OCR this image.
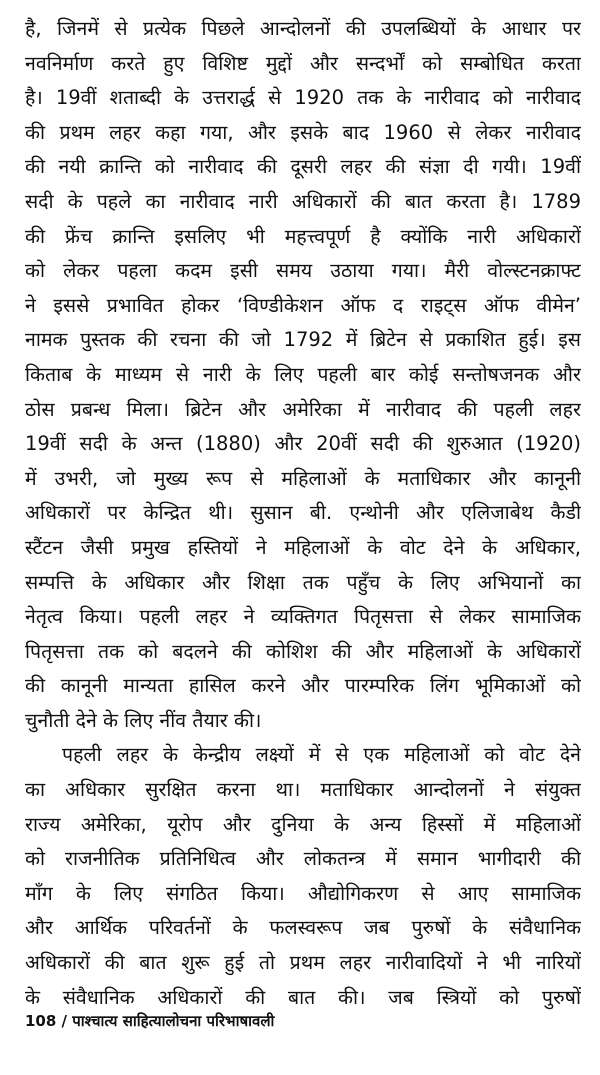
है, जिनमें से प्रत्येक पिछले आन्दोलनों की उपलब्धियों के आधार पर
नवनिर्माण करते हुए विशिष्ट मुद्दों और सन्दर्भों को सम्बोधित करता
है। 19वीं शताब्दी के उत्तरार्द्ध से 1920 तक के नारीवाद को नारीवाद
की प्रथम लहर कहा गया, और इसके बाद 1960 से लेकर नारीवाद
की नयी क्रान्ति को नारीवाद की दूसरी लहर की संज्ञा दी गयी। 19वीं
सदी के पहले का नारीवाद नारी अधिकारों की बात करता है। 1789
की फ्रेंच क्रान्ति इसलिए भी महत्त्वपूर्ण है क्योंकि नारी अधिकारों
को लेकर पहला कदम इसी समय उठाया गया। मैरी वोल्स्टनक्राफ्ट
ने इससे प्रभावित होकर ‘विण्डीकेशन ऑफ द राइट्स ऑफ वीमेन’
नामक पुस्तक की रचना की जो 1792 में ब्रिटेन से प्रकाशित हुई। इस
किताब के माध्यम से नारी के लिए पहली बार कोई सन्तोषजनक और
ठोस प्रबन्ध मिला। ब्रिटेन और अमेरिका में नारीवाद की पहली लहर
19वीं सदी के अन्त (1880) और 20वीं सदी की शुरुआत (1920)
में उभरी, जो मुख्य रूप से महिलाओं के मताधिकार और कानूनी
अधिकारों पर केन्द्रित थी। सुसान बी. एन्थोनी और एलिजाबेथ कैडी
स्टैंटन जैसी प्रमुख हस्तियों ने महिलाओं के वोट देने के अधिकार,
सम्पत्ति के अधिकार और शिक्षा तक पहुँच के लिए अभियानों का
नेतृत्व किया। पहली लहर ने व्यक्तिगत पितृसत्ता से लेकर सामाजिक
पितृसत्ता तक को बदलने की कोशिश की और महिलाओं के अधिकारों
की कानूनी मान्यता हासिल करने और पारम्परिक लिंग भूमिकाओं को
चुनौती देने के लिए नींव तैयार की।
पहली लहर के केन्द्रीय लक्ष्यों में से एक महिलाओं को वोट देने
का अधिकार सुरक्षित करना था। मताधिकार आन्दोलनों ने संयुक्त
राज्य अमेरिका, यूरोप और दुनिया के अन्य हिस्सों में महिलाओं
को राजनीतिक प्रतिनिधित्व और लोकतन्त्र में समान भागीदारी की
माँग के लिए संगठित किया। औद्योगिकरण से आए सामाजिक
और आर्थिक परिवर्तनों के फलस्वरूप जब पुरुषों के संवैधानिक
अधिकारों की बात शुरू हुई तो प्रथम लहर नारीवादियों ने भी नारियों
के संवैधानिक अधिकारों की बात की। जब स्त्रियों को पुरुषों
108 / पाश्चात्य साहित्यालोचना परिभाषावली
